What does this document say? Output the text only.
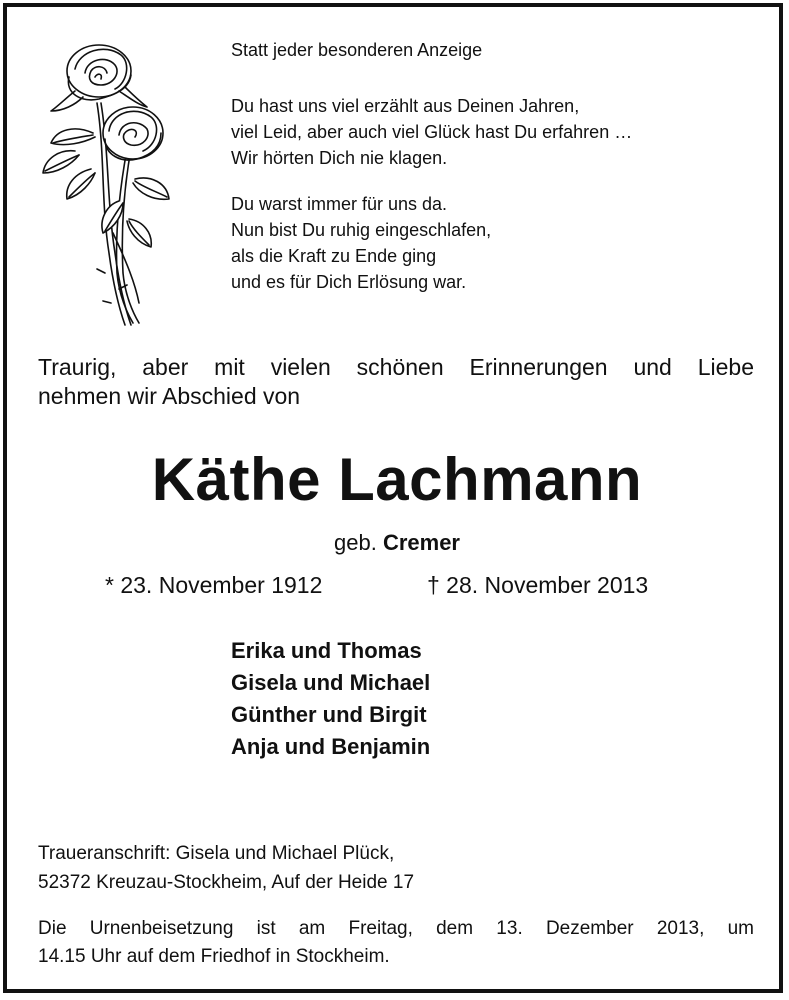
Statt jeder besonderen Anzeige
Du hast uns viel erzählt aus Deinen Jahren,
viel Leid, aber auch viel Glück hast Du erfahren …
Wir hörten Dich nie klagen.
Du warst immer für uns da.
Nun bist Du ruhig eingeschlafen,
als die Kraft zu Ende ging
und es für Dich Erlösung war.
Traurig, aber mit vielen schönen Erinnerungen und Liebe
nehmen wir Abschied von
Käthe Lachmann
geb. Cremer
* 23. November 1912	† 28. November 2013
Erika und Thomas
Gisela und Michael
Günther und Birgit
Anja und Benjamin
Traueranschrift: Gisela und Michael Plück,
52372 Kreuzau-Stockheim, Auf der Heide 17
Die Urnenbeisetzung ist am Freitag, dem 13. Dezember 2013, um
14.15 Uhr auf dem Friedhof in Stockheim.
